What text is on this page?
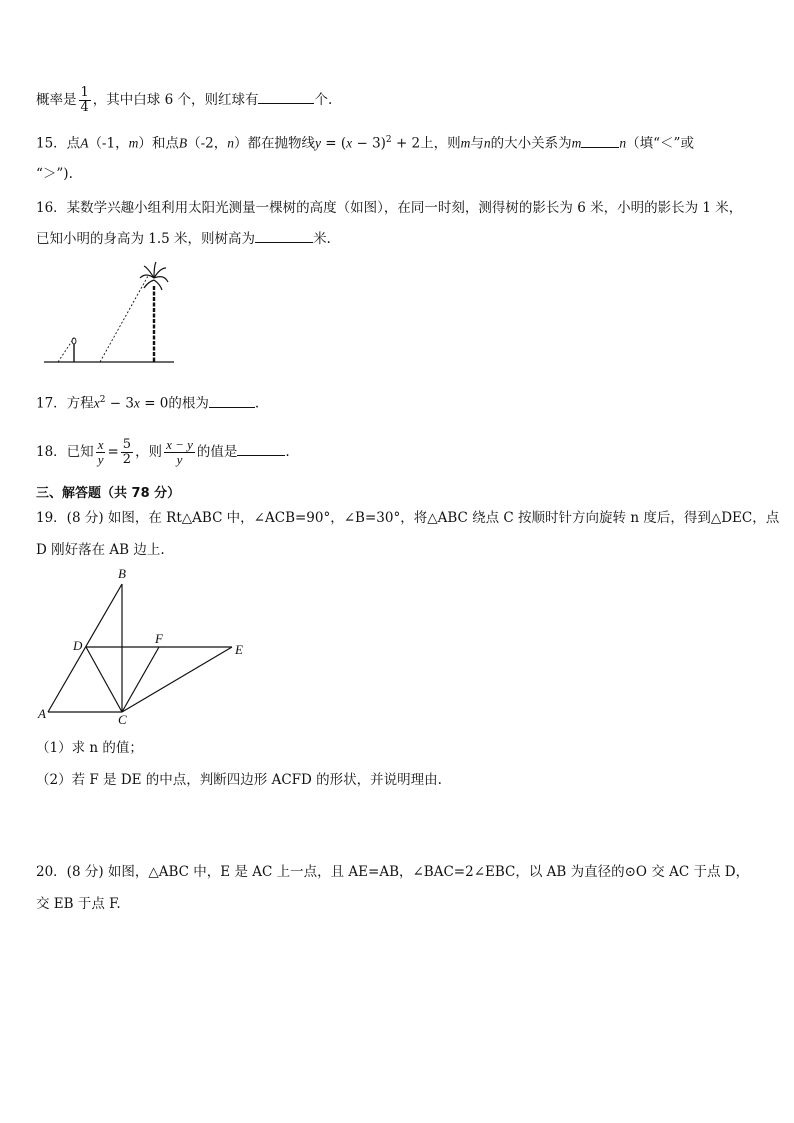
概率是 $\frac{1}{4}$ ，其中白球 6 个，则红球有	个.
15．点A（-1，m）和点B（-2，n）都在抛物线$y = (x - 3)^2 + 2$上，则m与n的大小关系为m	n（填“＜”或
“＞”).
16．某数学兴趣小组利用太阳光测量一棵树的高度（如图），在同一时刻，测得树的影长为 6 米，小明的影长为 1 米，
已知小明的身高为 1.5 米，则树高为	米.
17．方程$x^2 - 3x = 0$的根为	.
18．已知 $\frac{x}{y} = \frac{5}{2}$ ，则 $\frac{x - y}{y}$ 的值是	.
三、解答题（共 78 分）
19．(8 分) 如图，在 Rt△ABC 中，∠ACB=90°，∠B=30°，将△ABC 绕点 C 按顺时针方向旋转 n 度后，得到△DEC，点
D 刚好落在 AB 边上.
A
B
C
D	E
F
（1）求 n 的值；
（2）若 F 是 DE 的中点，判断四边形 ACFD 的形状，并说明理由.
20．(8 分) 如图，△ABC 中，E 是 AC 上一点，且 AE=AB，∠BAC=2∠EBC，以 AB 为直径的⊙O 交 AC 于点 D，
交 EB 于点 F.
